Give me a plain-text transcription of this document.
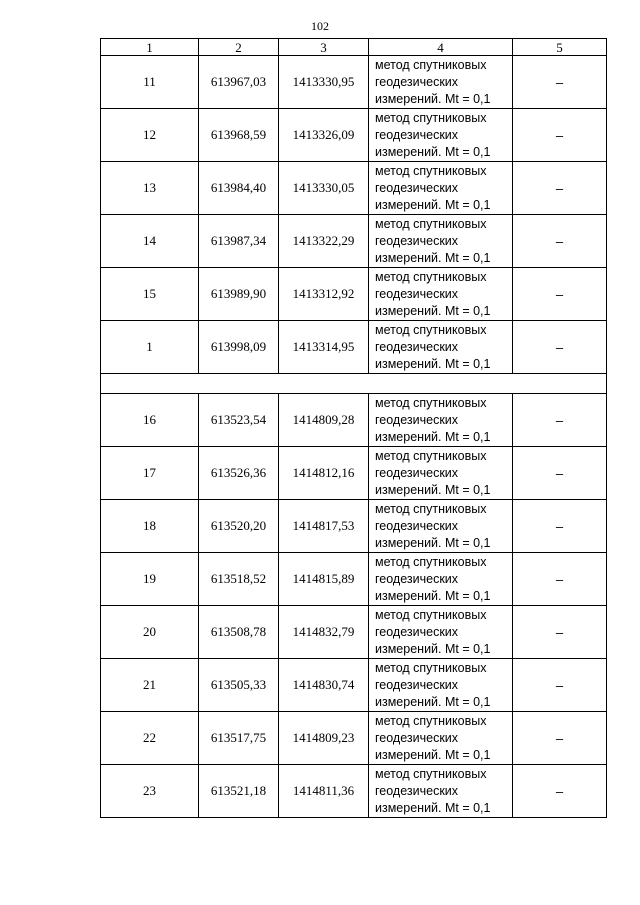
102
1	2	3	4	5
11	613967,03	1413330,95	метод спутниковых
геодезических
измерений. Mt = 0,1	–
12	613968,59	1413326,09	метод спутниковых
геодезических
измерений. Mt = 0,1	–
13	613984,40	1413330,05	метод спутниковых
геодезических
измерений. Mt = 0,1	–
14	613987,34	1413322,29	метод спутниковых
геодезических
измерений. Mt = 0,1	–
15	613989,90	1413312,92	метод спутниковых
геодезических
измерений. Mt = 0,1	–
1	613998,09	1413314,95	метод спутниковых
геодезических
измерений. Mt = 0,1	–

16	613523,54	1414809,28	метод спутниковых
геодезических
измерений. Mt = 0,1	–
17	613526,36	1414812,16	метод спутниковых
геодезических
измерений. Mt = 0,1	–
18	613520,20	1414817,53	метод спутниковых
геодезических
измерений. Mt = 0,1	–
19	613518,52	1414815,89	метод спутниковых
геодезических
измерений. Mt = 0,1	–
20	613508,78	1414832,79	метод спутниковых
геодезических
измерений. Mt = 0,1	–
21	613505,33	1414830,74	метод спутниковых
геодезических
измерений. Mt = 0,1	–
22	613517,75	1414809,23	метод спутниковых
геодезических
измерений. Mt = 0,1	–
23	613521,18	1414811,36	метод спутниковых
геодезических
измерений. Mt = 0,1	–
